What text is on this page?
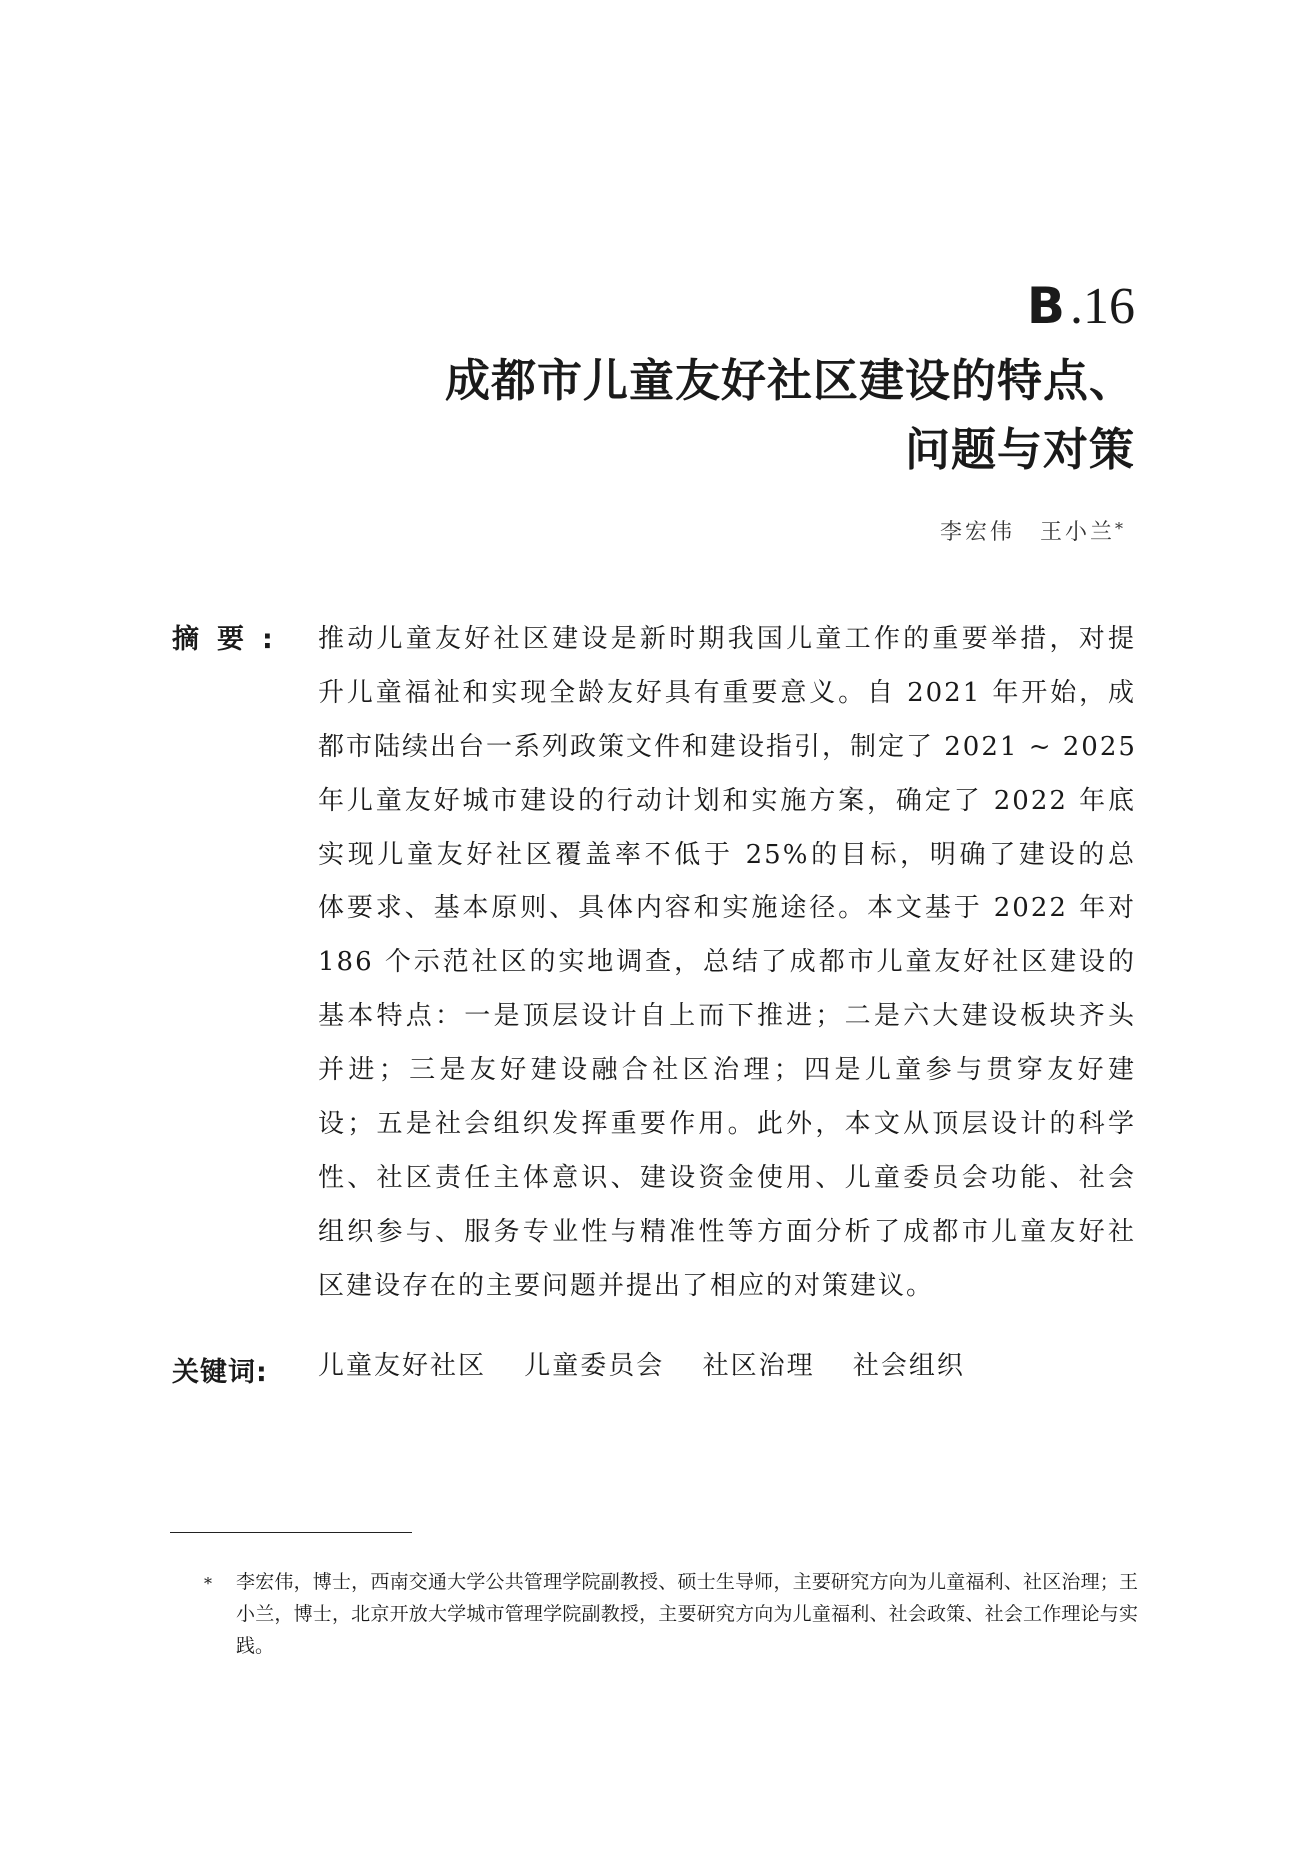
B .16
成都市儿童友好社区建设的特点、
问题与对策
李宏伟　王小兰*
摘要: 推动儿童友好社区建设是新时期我国儿童工作的重要举措，对提
升儿童福祉和实现全龄友好具有重要意义。自 2021 年开始，成
都市陆续出台一系列政策文件和建设指引，制定了 2021 ~ 2025
年儿童友好城市建设的行动计划和实施方案，确定了 2022 年底
实现儿童友好社区覆盖率不低于 25%的目标，明确了建设的总
体要求、基本原则、具体内容和实施途径。本文基于 2022 年对
186 个示范社区的实地调查，总结了成都市儿童友好社区建设的
基本特点：一是顶层设计自上而下推进；二是六大建设板块齐头
并进；三是友好建设融合社区治理；四是儿童参与贯穿友好建
设；五是社会组织发挥重要作用。此外，本文从顶层设计的科学
性、社区责任主体意识、建设资金使用、儿童委员会功能、社会
组织参与、服务专业性与精准性等方面分析了成都市儿童友好社
区建设存在的主要问题并提出了相应的对策建议。
关键词: 儿童友好社区 儿童委员会 社区治理 社会组织
* 李宏伟，博士，西南交通大学公共管理学院副教授、硕士生导师，主要研究方向为儿童福利、社区治理；王小兰，博士，北京开放大学城市管理学院副教授，主要研究方向为儿童福利、社会政策、社会工作理论与实践。
